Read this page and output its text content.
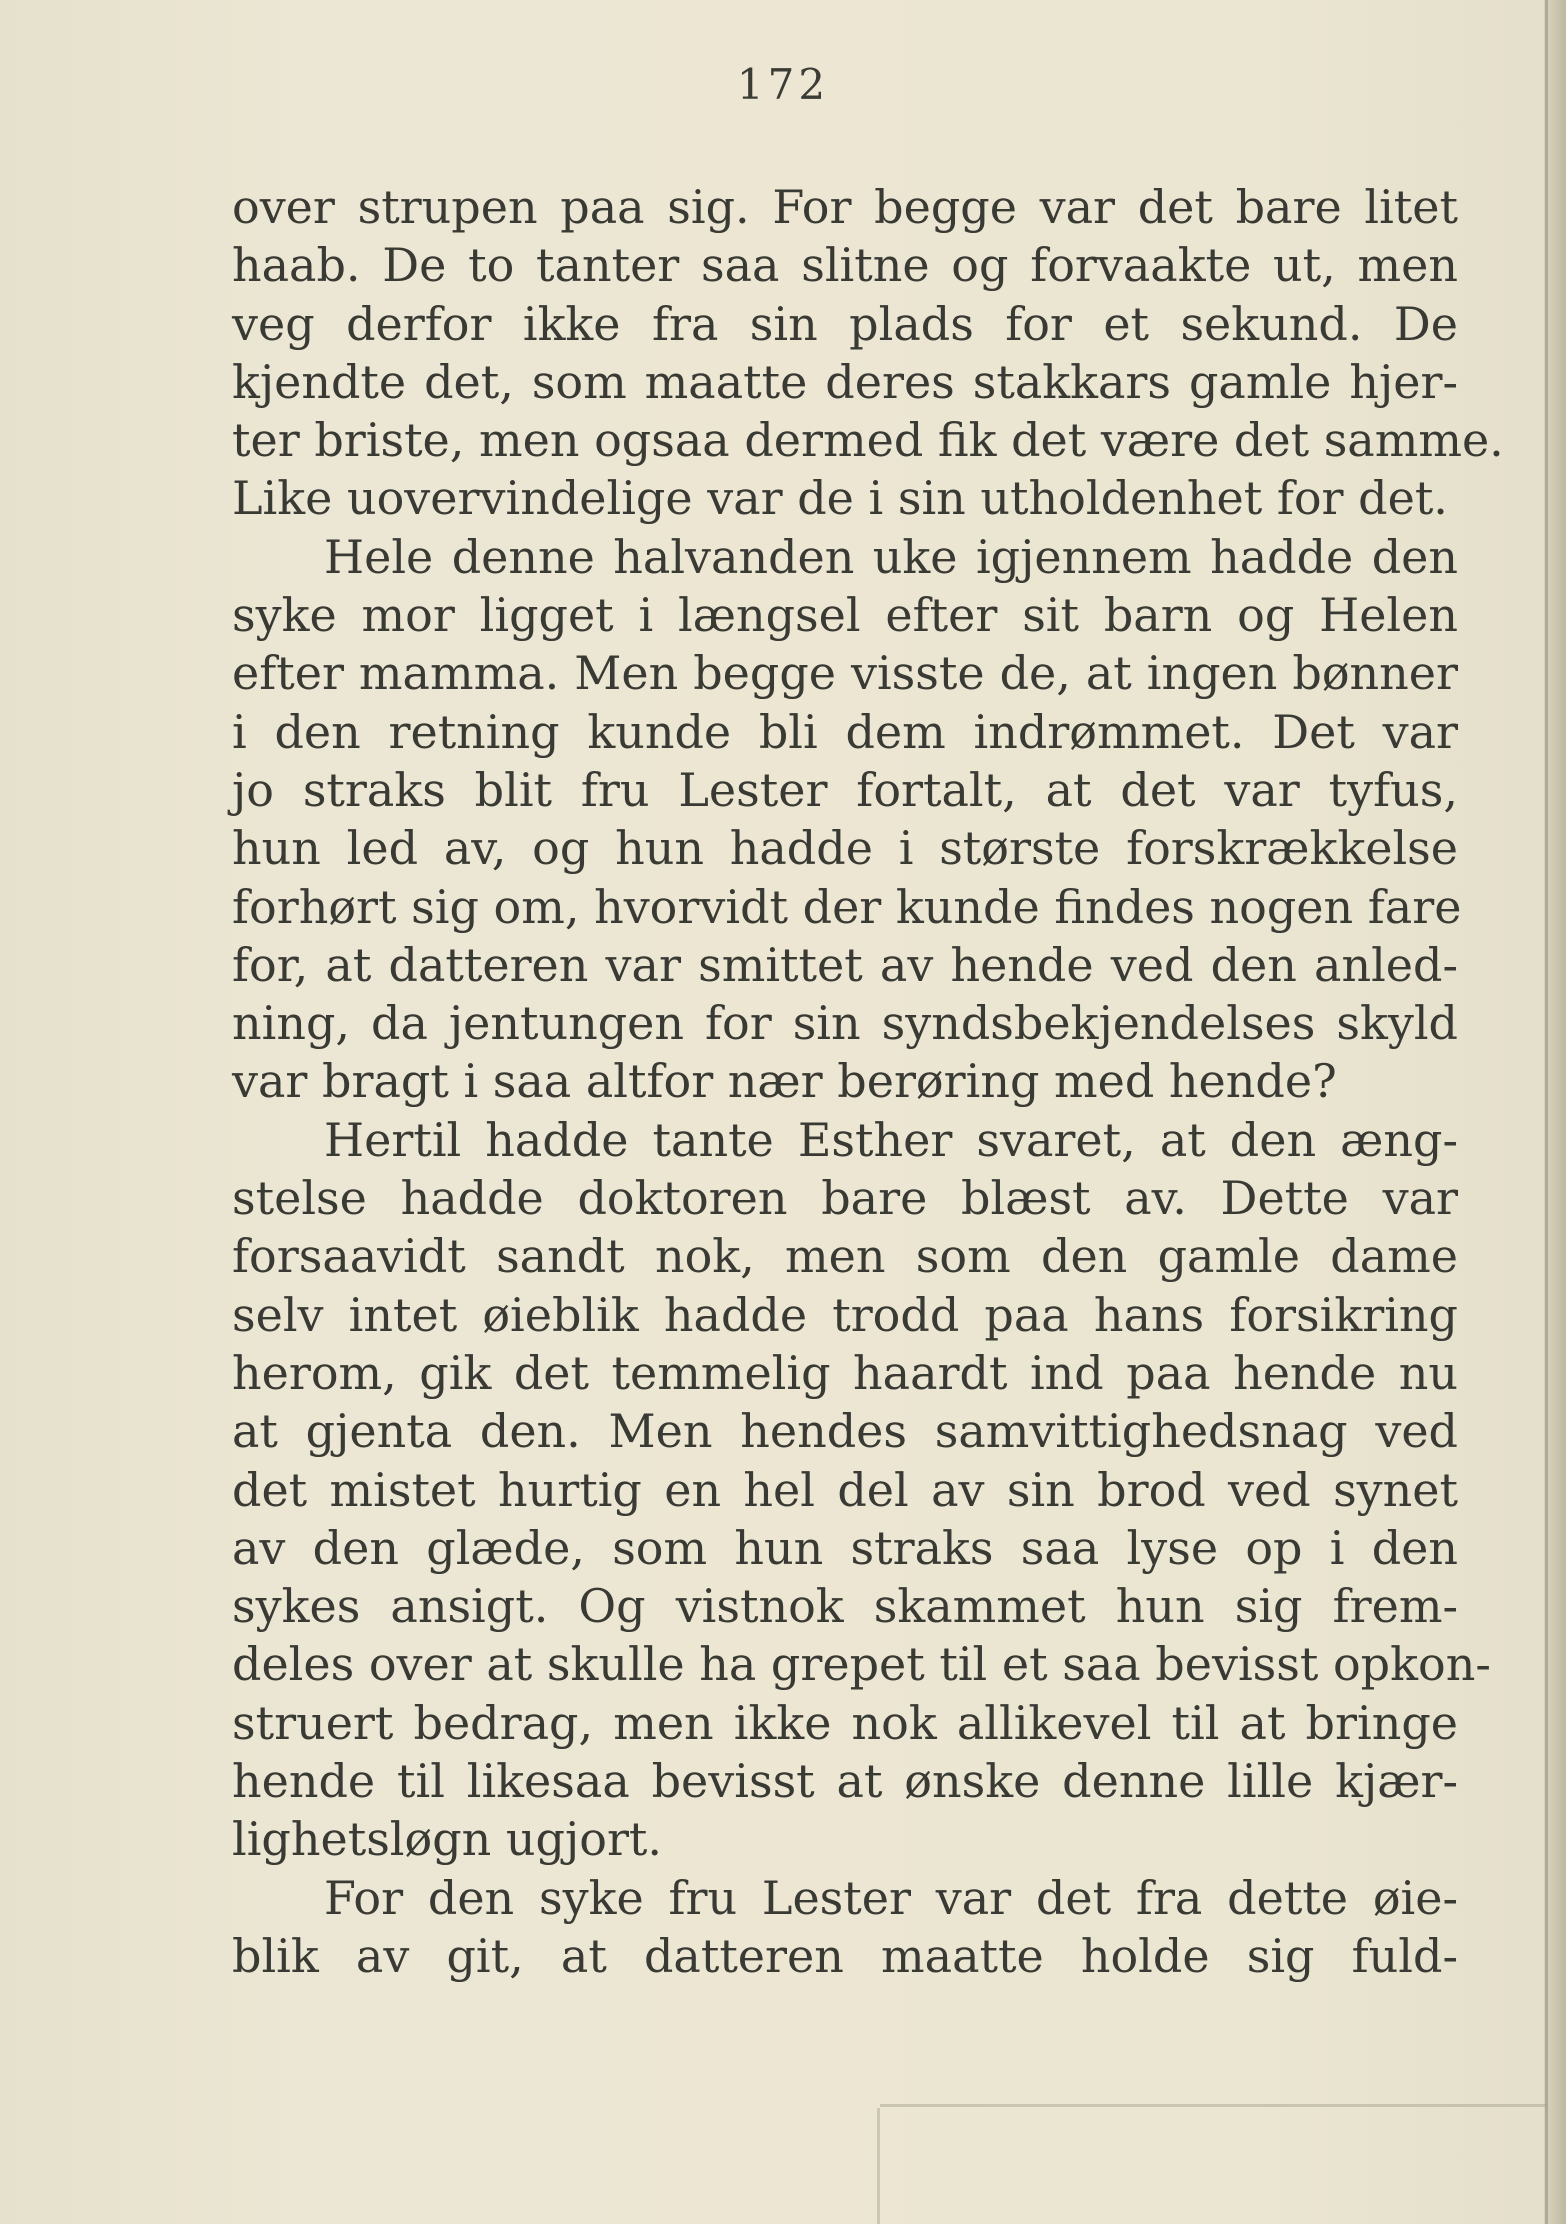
172
over strupen paa sig. For begge var det bare litet
haab. De to tanter saa slitne og forvaakte ut, men
veg derfor ikke fra sin plads for et sekund. De
kjendte det, som maatte deres stakkars gamle hjer-
ter briste, men ogsaa dermed fik det være det samme.
Like uovervindelige var de i sin utholdenhet for det.
Hele denne halvanden uke igjennem hadde den
syke mor ligget i længsel efter sit barn og Helen
efter mamma. Men begge visste de, at ingen bønner
i den retning kunde bli dem indrømmet. Det var
jo straks blit fru Lester fortalt, at det var tyfus,
hun led av, og hun hadde i største forskrækkelse
forhørt sig om, hvorvidt der kunde findes nogen fare
for, at datteren var smittet av hende ved den anled-
ning, da jentungen for sin syndsbekjendelses skyld
var bragt i saa altfor nær berøring med hende?
Hertil hadde tante Esther svaret, at den æng-
stelse hadde doktoren bare blæst av. Dette var
forsaavidt sandt nok, men som den gamle dame
selv intet øieblik hadde trodd paa hans forsikring
herom, gik det temmelig haardt ind paa hende nu
at gjenta den. Men hendes samvittighedsnag ved
det mistet hurtig en hel del av sin brod ved synet
av den glæde, som hun straks saa lyse op i den
sykes ansigt. Og vistnok skammet hun sig frem-
deles over at skulle ha grepet til et saa bevisst opkon-
struert bedrag, men ikke nok allikevel til at bringe
hende til likesaa bevisst at ønske denne lille kjær-
lighetsløgn ugjort.
For den syke fru Lester var det fra dette øie-
blik av git, at datteren maatte holde sig fuld-
